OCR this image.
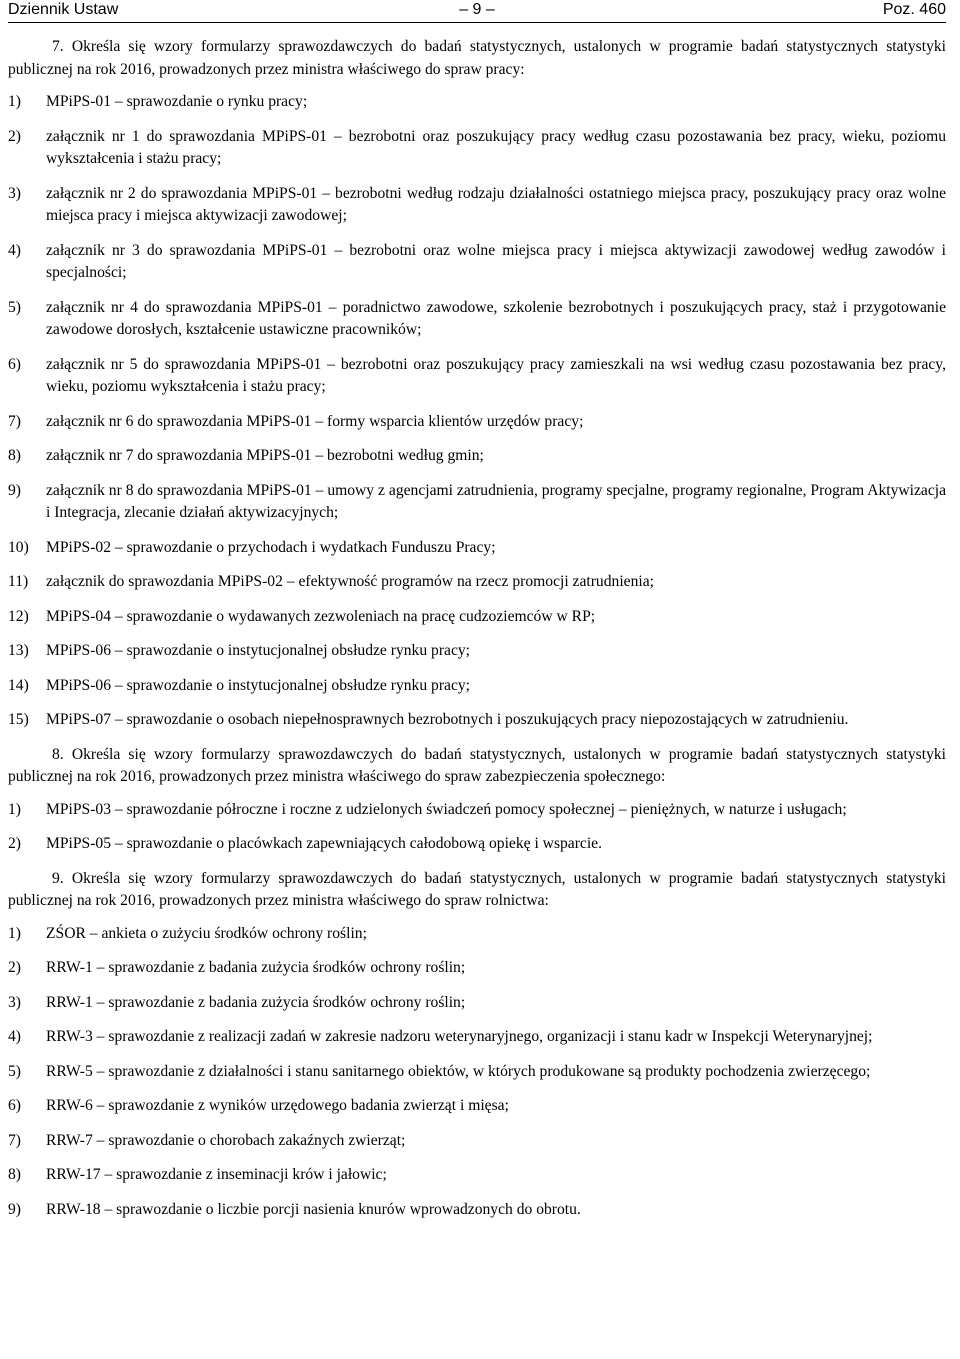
Dziennik Ustaw	– 9 –	Poz. 460

7. Określa się wzory formularzy sprawozdawczych do badań statystycznych, ustalonych w programie badań statystycznych statystyki publicznej na rok 2016, prowadzonych przez ministra właściwego do spraw pracy:

1) MPiPS-01 – sprawozdanie o rynku pracy;
2) załącznik nr 1 do sprawozdania MPiPS-01 – bezrobotni oraz poszukujący pracy według czasu pozostawania bez pracy, wieku, poziomu wykształcenia i stażu pracy;
3) załącznik nr 2 do sprawozdania MPiPS-01 – bezrobotni według rodzaju działalności ostatniego miejsca pracy, poszukujący pracy oraz wolne miejsca pracy i miejsca aktywizacji zawodowej;
4) załącznik nr 3 do sprawozdania MPiPS-01 – bezrobotni oraz wolne miejsca pracy i miejsca aktywizacji zawodowej według zawodów i specjalności;
5) załącznik nr 4 do sprawozdania MPiPS-01 – poradnictwo zawodowe, szkolenie bezrobotnych i poszukujących pracy, staż i przygotowanie zawodowe dorosłych, kształcenie ustawiczne pracowników;
6) załącznik nr 5 do sprawozdania MPiPS-01 – bezrobotni oraz poszukujący pracy zamieszkali na wsi według czasu pozostawania bez pracy, wieku, poziomu wykształcenia i stażu pracy;
7) załącznik nr 6 do sprawozdania MPiPS-01 – formy wsparcia klientów urzędów pracy;
8) załącznik nr 7 do sprawozdania MPiPS-01 – bezrobotni według gmin;
9) załącznik nr 8 do sprawozdania MPiPS-01 – umowy z agencjami zatrudnienia, programy specjalne, programy regionalne, Program Aktywizacja i Integracja, zlecanie działań aktywizacyjnych;
10) MPiPS-02 – sprawozdanie o przychodach i wydatkach Funduszu Pracy;
11) załącznik do sprawozdania MPiPS-02 – efektywność programów na rzecz promocji zatrudnienia;
12) MPiPS-04 – sprawozdanie o wydawanych zezwoleniach na pracę cudzoziemców w RP;
13) MPiPS-06 – sprawozdanie o instytucjonalnej obsłudze rynku pracy;
14) MPiPS-06 – sprawozdanie o instytucjonalnej obsłudze rynku pracy;
15) MPiPS-07 – sprawozdanie o osobach niepełnosprawnych bezrobotnych i poszukujących pracy niepozostających w zatrudnieniu.

8. Określa się wzory formularzy sprawozdawczych do badań statystycznych, ustalonych w programie badań statystycznych statystyki publicznej na rok 2016, prowadzonych przez ministra właściwego do spraw zabezpieczenia społecznego:

1) MPiPS-03 – sprawozdanie półroczne i roczne z udzielonych świadczeń pomocy społecznej – pieniężnych, w naturze i usługach;
2) MPiPS-05 – sprawozdanie o placówkach zapewniających całodobową opiekę i wsparcie.

9. Określa się wzory formularzy sprawozdawczych do badań statystycznych, ustalonych w programie badań statystycznych statystyki publicznej na rok 2016, prowadzonych przez ministra właściwego do spraw rolnictwa:

1) ZŚOR – ankieta o zużyciu środków ochrony roślin;
2) RRW-1 – sprawozdanie z badania zużycia środków ochrony roślin;
3) RRW-1 – sprawozdanie z badania zużycia środków ochrony roślin;
4) RRW-3 – sprawozdanie z realizacji zadań w zakresie nadzoru weterynaryjnego, organizacji i stanu kadr w Inspekcji Weterynaryjnej;
5) RRW-5 – sprawozdanie z działalności i stanu sanitarnego obiektów, w których produkowane są produkty pochodzenia zwierzęcego;
6) RRW-6 – sprawozdanie z wyników urzędowego badania zwierząt i mięsa;
7) RRW-7 – sprawozdanie o chorobach zakaźnych zwierząt;
8) RRW-17 – sprawozdanie z inseminacji krów i jałowic;
9) RRW-18 – sprawozdanie o liczbie porcji nasienia knurów wprowadzonych do obrotu.
